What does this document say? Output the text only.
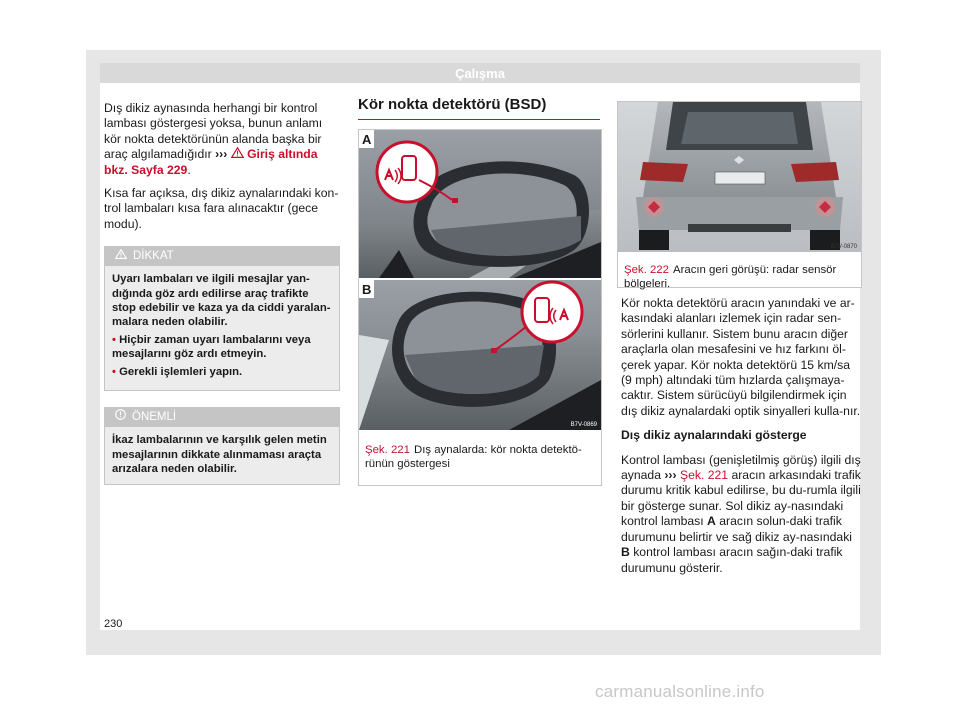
Çalışma

Dış dikiz aynasında herhangi bir kontrol lambası göstergesi yoksa, bunun anlamı kör nokta detektörünün alanda başka bir araç algılamadığıdır ››› Giriş altında bkz. Sayfa 229.

Kısa far açıksa, dış dikiz aynalarındaki kon-trol lambaları kısa fara alınacaktır (gece modu).

DİKKAT

Uyarı lambaları ve ilgili mesajlar yan-dığında göz ardı edilirse araç trafikte stop edebilir ve kaza ya da ciddi yaralan-malara neden olabilir.

• Hiçbir zaman uyarı lambalarını veya mesajlarını göz ardı etmeyin.

• Gerekli işlemleri yapın.

ÖNEMLİ
İkaz lambalarının ve karşılık gelen metin mesajlarının dikkate alınmaması araçta arızalara neden olabilir.
Kör nokta detektörü (BSD)
A
B
B7V-0869
Şek. 221 Dış aynalarda: kör nokta detektö-rünün göstergesi
B7V-0870
Şek. 222 Aracın geri görüşü: radar sensör bölgeleri.

Kör nokta detektörü aracın yanındaki ve ar-kasındaki alanları izlemek için radar sen-sörlerini kullanır. Sistem bunu aracın diğer araçlarla olan mesafesini ve hız farkını öl-çerek yapar. Kör nokta detektörü 15 km/sa (9 mph) altındaki tüm hızlarda çalışmaya-caktır. Sistem sürücüyü bilgilendirmek için dış dikiz aynalardaki optik sinyalleri kulla-nır.

Dış dikiz aynalarındaki gösterge

Kontrol lambası (genişletilmiş görüş) ilgili dış aynada ››› Şek. 221 aracın arkasındaki trafik durumu kritik kabul edilirse, bu du-rumla ilgili bir gösterge sunar. Sol dikiz ay-nasındaki kontrol lambası A aracın solun-daki trafik durumunu belirtir ve sağ dikiz ay-nasındaki B kontrol lambası aracın sağın-daki trafik durumunu gösterir.

230
carmanualsonline.info
